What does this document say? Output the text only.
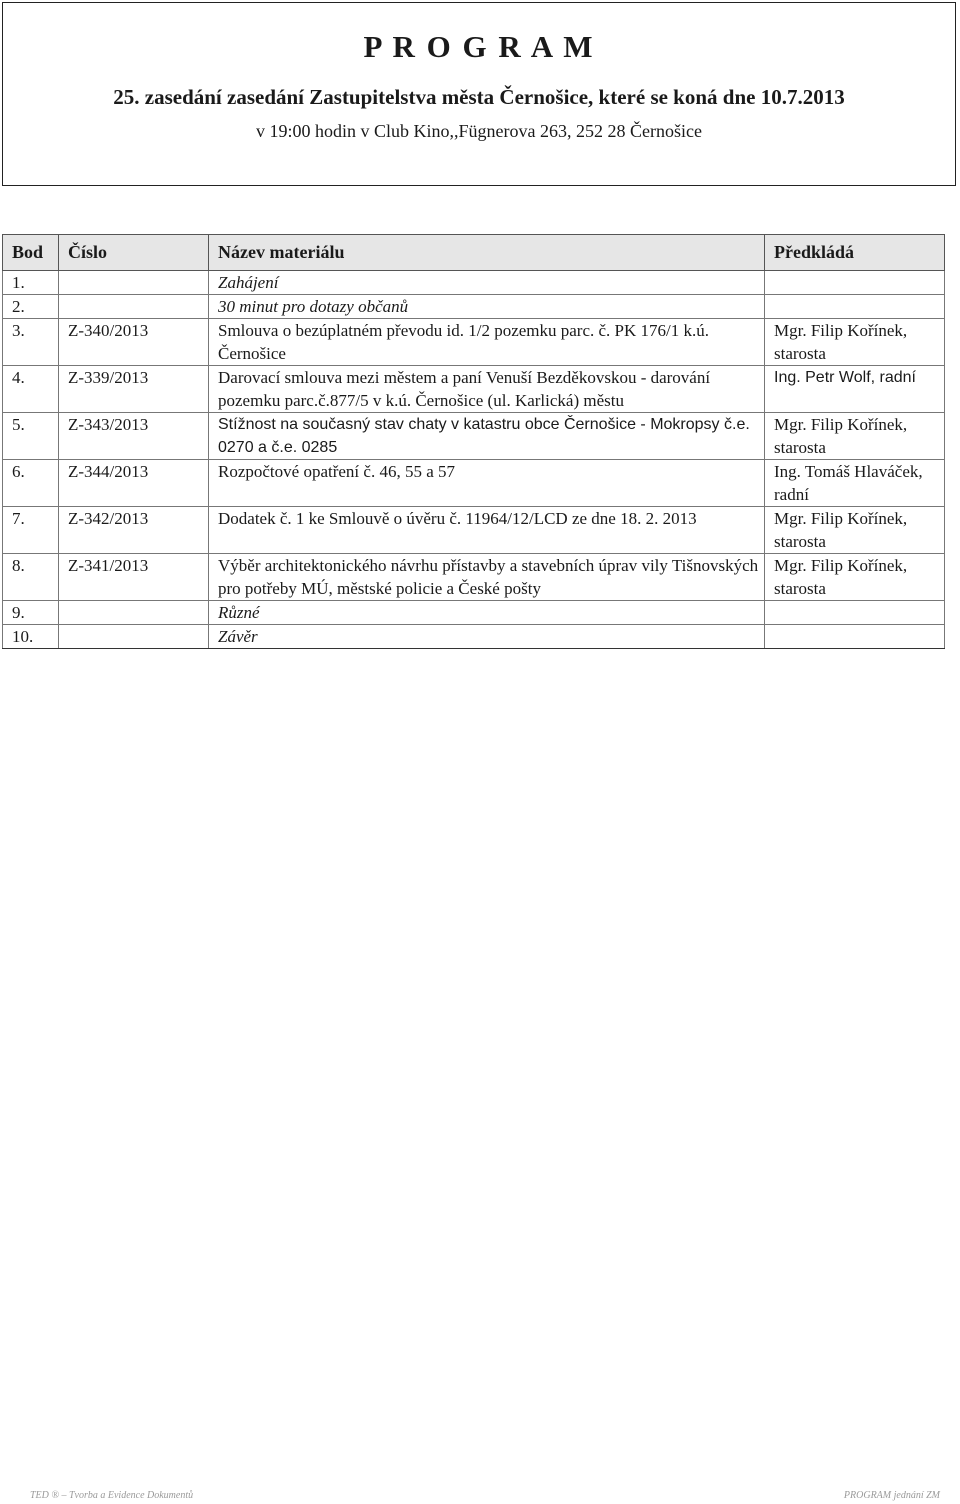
P R O G R A M
25. zasedání zasedání Zastupitelstva města Černošice, které se koná dne 10.7.2013
v 19:00 hodin v Club Kino,,Fügnerova 263, 252 28 Černošice
Bod	Číslo	Název materiálu	Předkládá
1.		Zahájení	
2.		30 minut pro dotazy občanů	
3.	Z-340/2013	Smlouva o bezúplatném převodu id. 1/2 pozemku parc. č. PK 176/1 k.ú. Černošice	Mgr. Filip Kořínek, starosta
4.	Z-339/2013	Darovací smlouva mezi městem a paní Venuší Bezděkovskou - darování pozemku parc.č.877/5 v k.ú. Černošice (ul. Karlická) městu	Ing. Petr Wolf, radní
5.	Z-343/2013	Stížnost na současný stav chaty v katastru obce Černošice - Mokropsy č.e. 0270 a č.e. 0285	Mgr. Filip Kořínek, starosta
6.	Z-344/2013	Rozpočtové opatření č. 46, 55 a 57	Ing. Tomáš Hlaváček, radní
7.	Z-342/2013	Dodatek č. 1 ke Smlouvě o úvěru č. 11964/12/LCD ze dne 18. 2. 2013	Mgr. Filip Kořínek, starosta
8.	Z-341/2013	Výběr architektonického návrhu přístavby a stavebních úprav vily Tišnovských pro potřeby MÚ, městské policie a České pošty	Mgr. Filip Kořínek, starosta
9.		Různé	
10.		Závěr	
TED ® – Tvorba a Evidence Dokumentů	PROGRAM jednání ZM
